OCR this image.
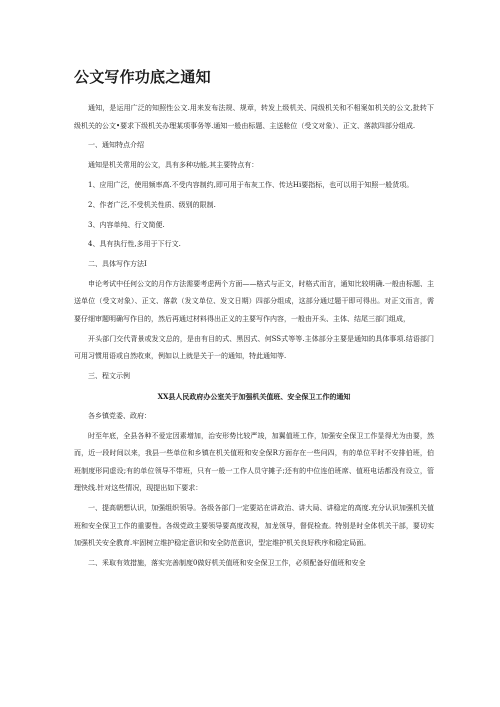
公文写作功底之通知

通知，是运用广泛的知照性公文.用来发布法规、规章，转发上级机关、同级机关和不相案如机关的公文,批转下级机关的公文•要求下级机关办理某项事务等.通知一般由标题、主送舱位（受文对象）、正文、落款四部分组成.

一、通知特点介绍

通知是机关常用的公文，具有多种功能,其主要特点有：

1、应用广泛，使用频率高.不受内容制约,即可用于布灰工作、传达Hi要指标，也可以用于知照一般货项。

2、作者广泛,不受机关性质、级别的限制.

3、内容单纯、行文简便.

4、具有执行性,多用于下行文.

二、具体写作方法I

申论考试中任何公文的月作方法需要考虑两个方面——格式与正文，时格式而言，通知比较明确.一般由标题、主送单位（受文对象）、正文、落款（发文单位、发文日期）四部分组成，这部分通过题干即可得出。对正文而言，需要仔细审题明确写作目的，然后再通过材料得出正义的主要写作内容，一般由开头、主体、结尾三部门组成，

开头部门交代背景或发文总的，是由有目的式、黑因式、何SS式等等.主体部分主要是通知的具体事项.结语部门可用习惯用语或自然收束，例如以上就是关于一的通知，特此通知等.

三、程文示例

XX县人民政府办公室关于加强机关值班、安全保卫工作的通知

各乡镇党委、政府：

时至年底，全县各种不爱定因素增加，治安形势比较严竣，加翼值班工作，加强安全保卫工作显得尤为由要，然而，近一段时间以来，我县一些单位和乡镇在机关值班和安全保R方面存在一些问四，有的单位平时不安排伯班，伯班制度形同虚设;有的单位领导不带班，只有一般一工作人员守摊子;还有的中位连伯班席、值班电话都没有设立，管理快线.针对这些情况，现提出如下要求：

一、提高朝想认识，加强组织领导。各级各部门一定要站在讲政治、讲大局、讲稳定的高度.充分认识加强机关值班和安全保卫工作的重要性。各级党政主要领导要高度改视，加龙领导，督促检查。特别是时全体机关干部，要切实加强机关安全教育.牢固树立维护稳定意识和安全防范意识，型定维护机关良好秩序和稳定局面。

二、釆取有效措施，落实完善制度0做好机关值班和安全保卫工作，必须配备好值班和安全
